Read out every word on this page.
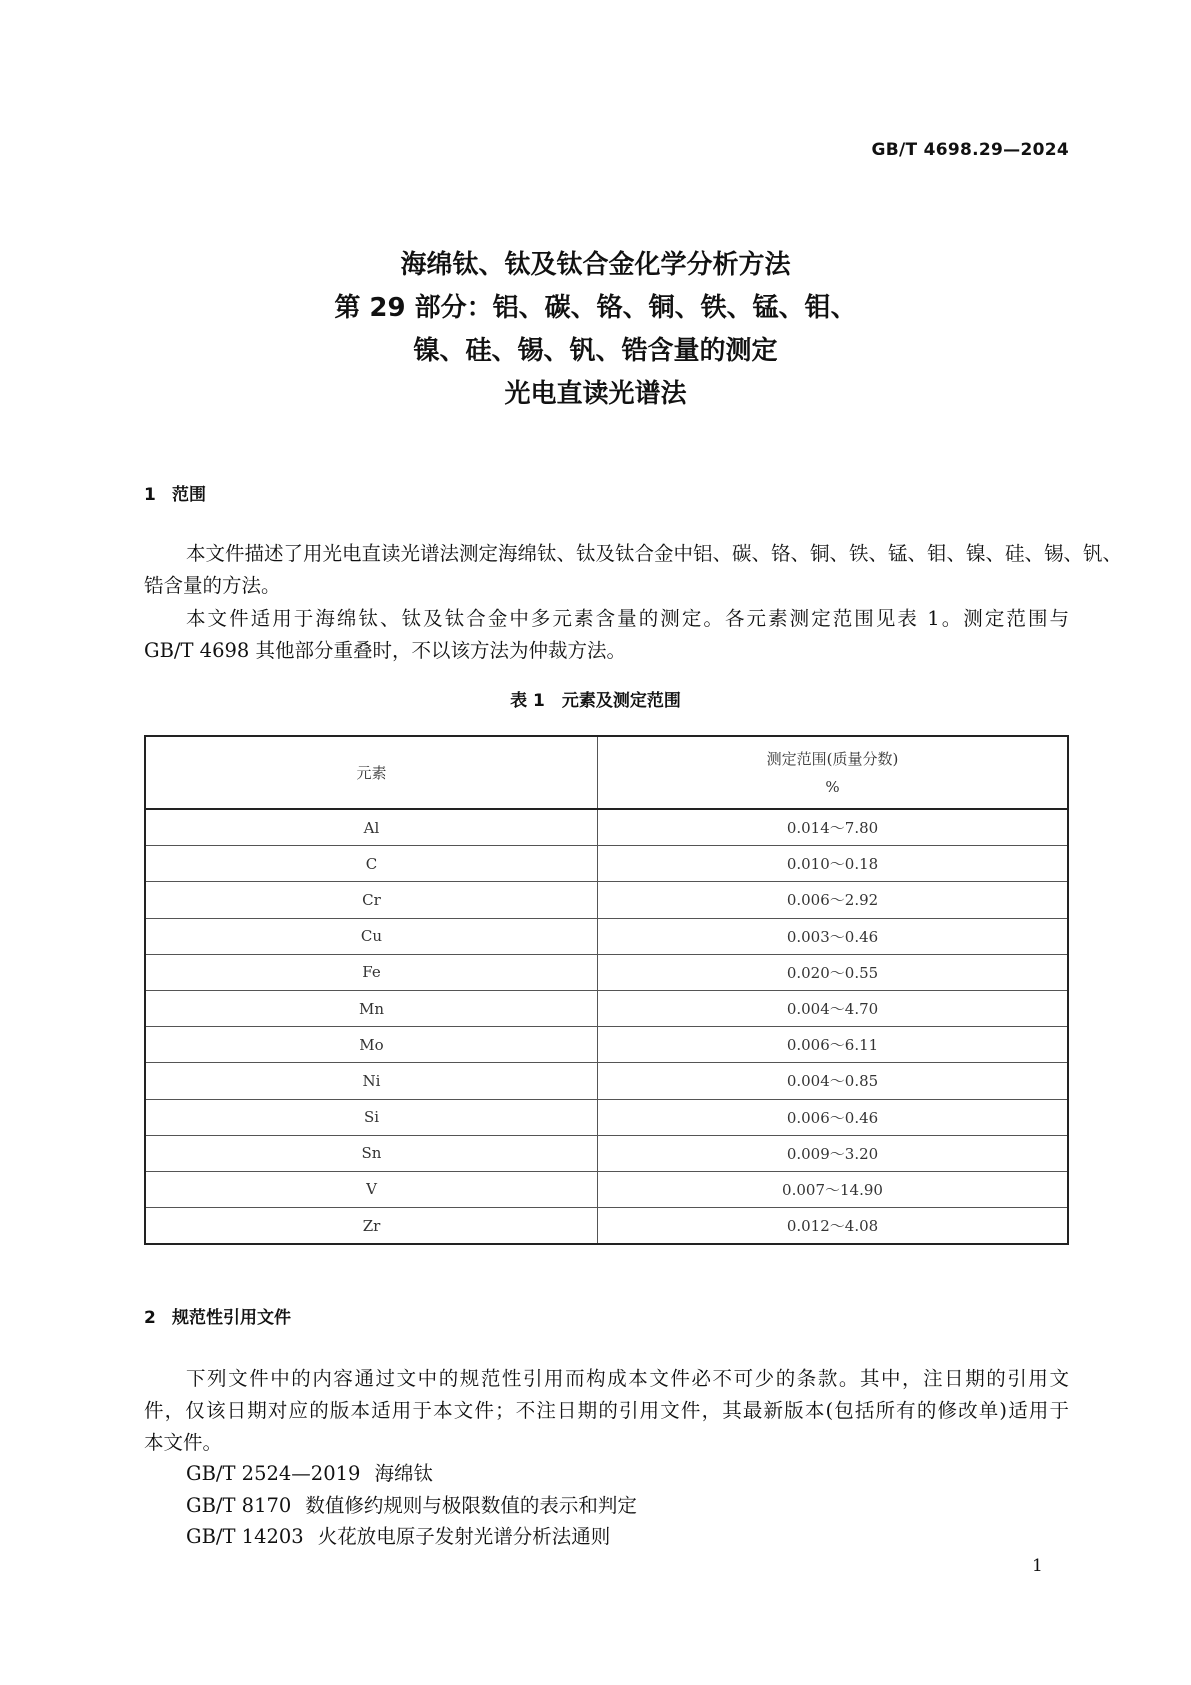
GB/T 4698.29—2024
海绵钛、钛及钛合金化学分析方法
第 29 部分：铝、碳、铬、铜、铁、锰、钼、
镍、硅、锡、钒、锆含量的测定
光电直读光谱法
1 范围
本文件描述了用光电直读光谱法测定海绵钛、钛及钛合金中铝、碳、铬、铜、铁、锰、钼、镍、硅、锡、钒、
锆含量的方法。
本文件适用于海绵钛、钛及钛合金中多元素含量的测定。各元素测定范围见表 1。测定范围与
GB/T 4698 其他部分重叠时，不以该方法为仲裁方法。
表 1　元素及测定范围
元素	测定范围(质量分数)
%

Al	0.014～7.80
C	0.010～0.18
Cr	0.006～2.92
Cu	0.003～0.46
Fe	0.020～0.55
Mn	0.004～4.70
Mo	0.006～6.11
Ni	0.004～0.85
Si	0.006～0.46
Sn	0.009～3.20
V	0.007～14.90
Zr	0.012～4.08
2 规范性引用文件
下列文件中的内容通过文中的规范性引用而构成本文件必不可少的条款。其中，注日期的引用文
件，仅该日期对应的版本适用于本文件；不注日期的引用文件，其最新版本(包括所有的修改单)适用于
本文件。
GB/T 2524—2019 海绵钛
GB/T 8170 数值修约规则与极限数值的表示和判定
GB/T 14203 火花放电原子发射光谱分析法通则
1
